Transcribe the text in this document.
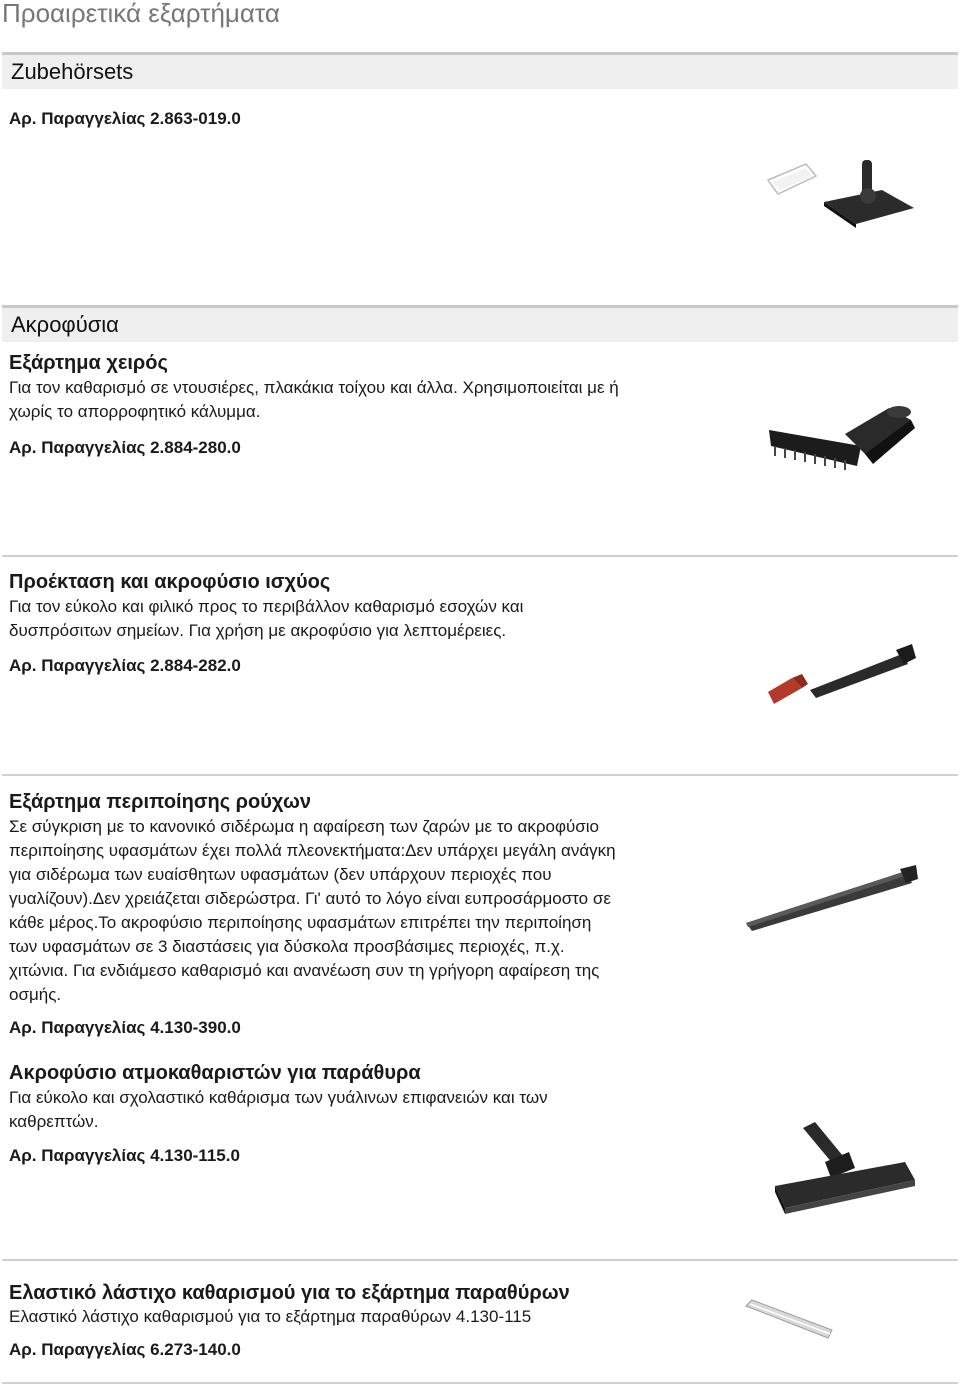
Προαιρετικά εξαρτήματα
Zubehörsets
Αρ. Παραγγελίας 2.863-019.0
Ακροφύσια
Εξάρτημα χειρός
Για τον καθαρισμό σε ντουσιέρες, πλακάκια τοίχου και άλλα. Χρησιμοποιείται με ή
χωρίς το απορροφητικό κάλυμμα.
Αρ. Παραγγελίας 2.884-280.0
Προέκταση και ακροφύσιο ισχύος
Για τον εύκολο και φιλικό προς το περιβάλλον καθαρισμό εσοχών και
δυσπρόσιτων σημείων. Για χρήση με ακροφύσιο για λεπτομέρειες.
Αρ. Παραγγελίας 2.884-282.0
Εξάρτημα περιποίησης ρούχων
Σε σύγκριση με το κανονικό σιδέρωμα η αφαίρεση των ζαρών με το ακροφύσιο
περιποίησης υφασμάτων έχει πολλά πλεονεκτήματα:Δεν υπάρχει μεγάλη ανάγκη
για σιδέρωμα των ευαίσθητων υφασμάτων (δεν υπάρχουν περιοχές που
γυαλίζουν).Δεν χρειάζεται σιδερώστρα. Γι' αυτό το λόγο είναι ευπροσάρμοστο σε
κάθε μέρος.Το ακροφύσιο περιποίησης υφασμάτων επιτρέπει την περιποίηση
των υφασμάτων σε 3 διαστάσεις για δύσκολα προσβάσιμες περιοχές, π.χ.
χιτώνια. Για ενδιάμεσο καθαρισμό και ανανέωση συν τη γρήγορη αφαίρεση της
οσμής.
Αρ. Παραγγελίας 4.130-390.0
Ακροφύσιο ατμοκαθαριστών για παράθυρα
Για εύκολο και σχολαστικό καθάρισμα των γυάλινων επιφανειών και των
καθρεπτών.
Αρ. Παραγγελίας 4.130-115.0
Ελαστικό λάστιχο καθαρισμού για το εξάρτημα παραθύρων
Ελαστικό λάστιχο καθαρισμού για το εξάρτημα παραθύρων 4.130-115
Αρ. Παραγγελίας 6.273-140.0
